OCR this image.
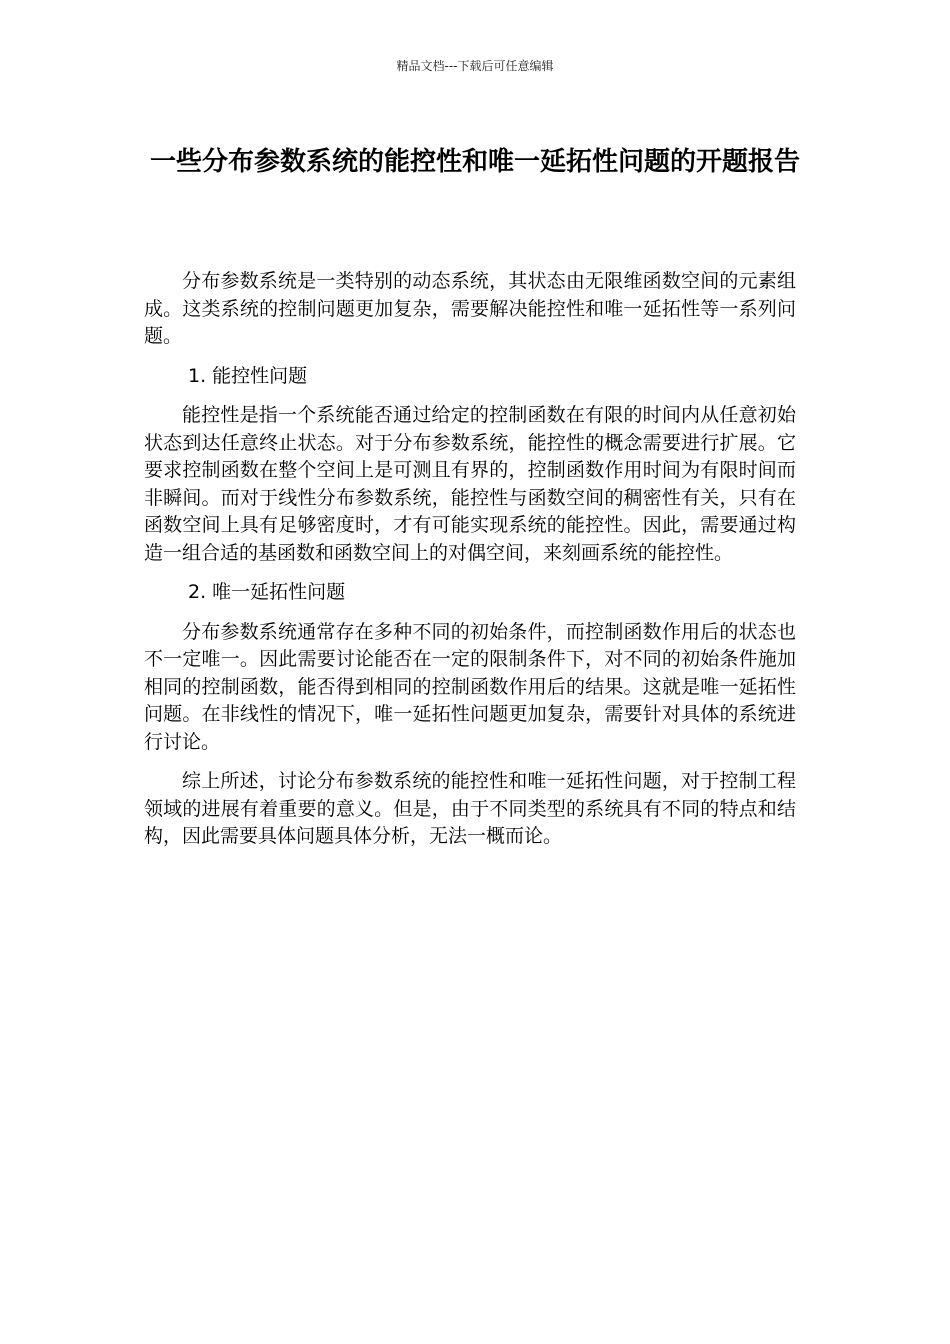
精品文档---下载后可任意编辑
一些分布参数系统的能控性和唯一延拓性问题的开题报告

分布参数系统是一类特别的动态系统，其状态由无限维函数空间的元素组成。这类系统的控制问题更加复杂，需要解决能控性和唯一延拓性等一系列问题。

1. 能控性问题

能控性是指一个系统能否通过给定的控制函数在有限的时间内从任意初始状态到达任意终止状态。对于分布参数系统，能控性的概念需要进行扩展。它要求控制函数在整个空间上是可测且有界的，控制函数作用时间为有限时间而非瞬间。而对于线性分布参数系统，能控性与函数空间的稠密性有关，只有在函数空间上具有足够密度时，才有可能实现系统的能控性。因此，需要通过构造一组合适的基函数和函数空间上的对偶空间，来刻画系统的能控性。

2. 唯一延拓性问题

分布参数系统通常存在多种不同的初始条件，而控制函数作用后的状态也不一定唯一。因此需要讨论能否在一定的限制条件下，对不同的初始条件施加相同的控制函数，能否得到相同的控制函数作用后的结果。这就是唯一延拓性问题。在非线性的情况下，唯一延拓性问题更加复杂，需要针对具体的系统进行讨论。

综上所述，讨论分布参数系统的能控性和唯一延拓性问题，对于控制工程领域的进展有着重要的意义。但是，由于不同类型的系统具有不同的特点和结构，因此需要具体问题具体分析，无法一概而论。
